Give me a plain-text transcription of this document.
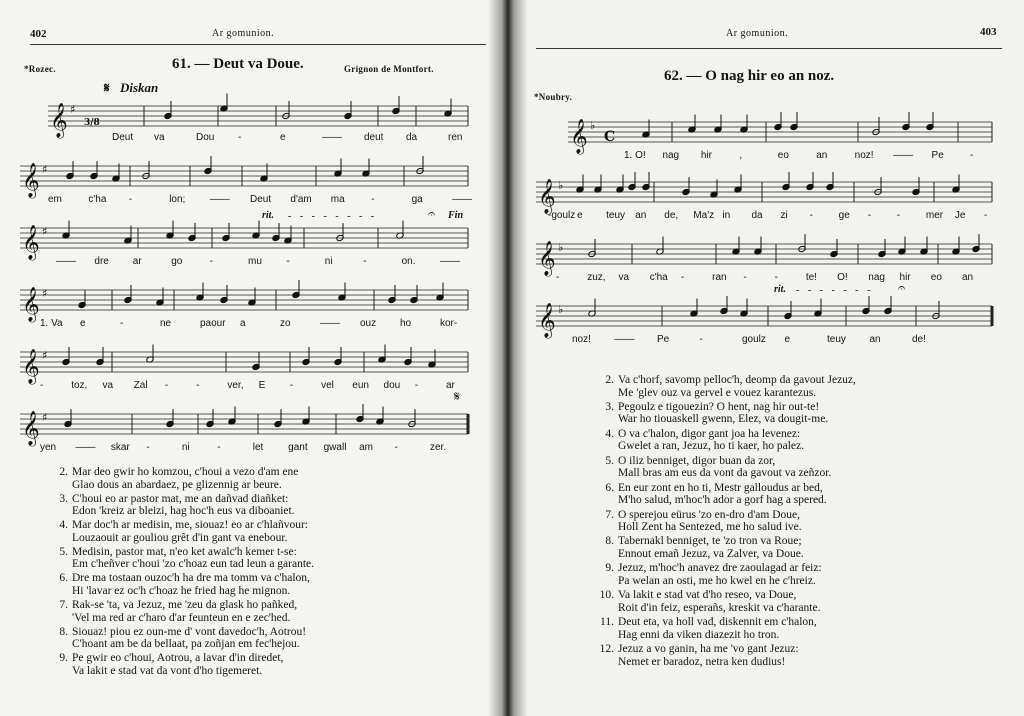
402	Ar gomunion.
*Rozec.	61. — Deut va Doue.	Grignon de Montfort.
𝄋 Diskan
𝄞 ♯
3/8
𝄞 ♯
𝄞 ♯
𝄞 ♯
𝄞 ♯
𝄞 ♯
rit. - - - - - - - -	𝄐 Fin
𝄋
Deut va	Dou -	e	—— deut da	ren
em	c'ha -	lon; —— Deut d'am ma	-	ga	——
—— dre ar	go	-	mu -	ni	-	on. ——
1. Va e	-	ne	paour a	zo	—— ouz ho	kor-
-	toz, va Zal -	-	ver, E -	vel eun dou -	ar
yen —— skar -	ni	-	let gant gwall am -	zer.
2. Mar deo gwir ho komzou, c'houi a vezo d'am ene
Glao dous an abardaez, pe glizennig ar beure.
3. C'houi eo ar pastor mat, me an dañvad diañket:
Edon 'kreiz ar bleizi, hag hoc'h eus va diboaniet.
4. Mar doc'h ar medisin, me, siouaz! eo ar c'hlañvour:
Louzaouit ar gouliou grêt d'in gant va enebour.
5. Medisin, pastor mat, n'eo ket awalc'h kemer t-se:
Em c'heñver c'houi 'zo c'hoaz eun tad leun a garante.
6. Dre ma tostaan ouzoc'h ha dre ma tomm va c'halon,
Hi 'lavar ez oc'h c'hoaz he fried hag he mignon.
7. Rak-se 'ta, va Jezuz, me 'zeu da glask ho pañked,
'Vel ma red ar c'haro d'ar feunteun en e zec'hed.
8. Siouaz! piou ez oun-me d' vont davedoc'h, Aotrou!
C'hoant am be da bellaat, pa zoñjan em fec'hejou.
9. Pe gwir eo c'houi, Aotrou, a lavar d'in diredet,
Va lakit e stad vat da vont d'ho tigemeret.
Ar gomunion.	403
62. — O nag hir eo an noz.
*Noubry.
𝄞 ♭
C
𝄞 ♭
𝄞 ♭
𝄞 ♭
rit. - - - - - - - 𝄐
1. O! nag hir	,	eo	an	noz! —— Pe	-
-goulz e teuy an de, Ma'z in da zi -	ge -	-	mer Je -
-	zuz, va c'ha -	ran -	-	te! O! nag hir eo an
noz! —— Pe	-	goulz e	teuy an	de!
2. Va c'horf, savomp pelloc'h, deomp da gavout Jezuz,
Me 'glev ouz va gervel e vouez karantezus.
3. Pegoulz e tigouezin? O hent, nag hir out-te!
War ho tiouaskell gwenn, Elez, va dougit-me.
4. O va c'halon, digor gant joa ha levenez:
Gwelet a ran, Jezuz, ho ti kaer, ho palez.
5. O iliz benniget, digor buan da zor,
Mall bras am eus da vont da gavout va zeñzor.
6. En eur zont en ho ti, Mestr galloudus ar bed,
M'ho salud, m'hoc'h ador a gorf hag a spered.
7. O sperejou eürus 'zo en-dro d'am Doue,
Holl Zent ha Sentezed, me ho salud ive.
8. Tabernakl benniget, te 'zo tron va Roue;
Ennout emañ Jezuz, va Zalver, va Doue.
9. Jezuz, m'hoc'h anavez dre zaoulagad ar feiz:
Pa welan an osti, me ho kwel en he c'hreiz.
10. Va lakit e stad vat d'ho reseo, va Doue,
Roit d'in feiz, esperañs, kreskit va c'harante.
11. Deut eta, va holl vad, diskennit em c'halon,
Hag enni da viken diazezit ho tron.
12. Jezuz a vo ganin, ha me 'vo gant Jezuz:
Nemet er baradoz, netra ken dudius!
